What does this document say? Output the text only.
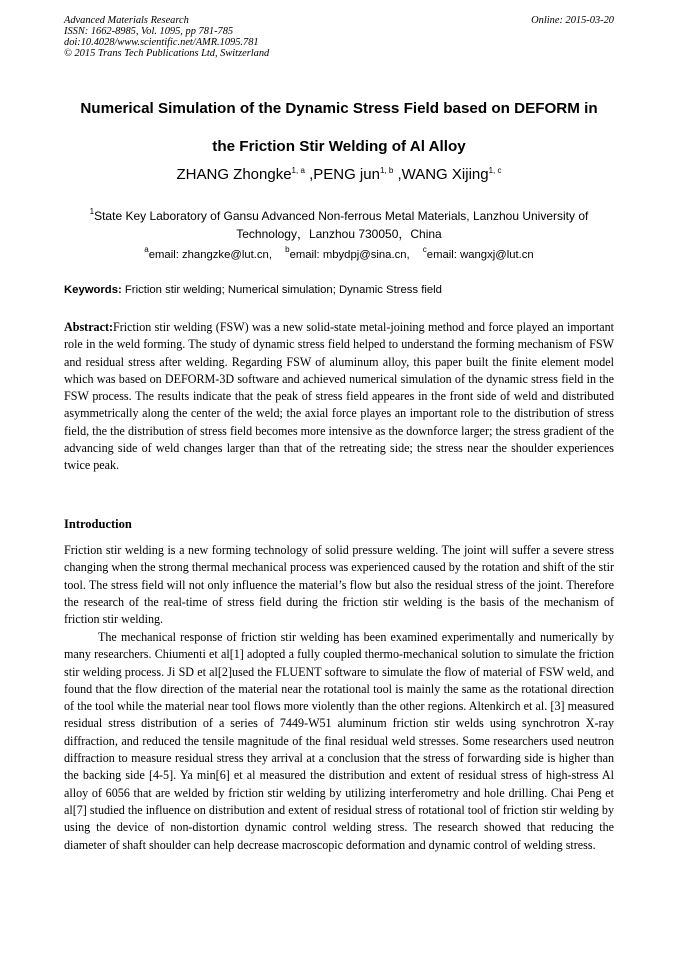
Advanced Materials Research
ISSN: 1662-8985, Vol. 1095, pp 781-785
doi:10.4028/www.scientific.net/AMR.1095.781
© 2015 Trans Tech Publications Ltd, Switzerland
Online: 2015-03-20
Numerical Simulation of the Dynamic Stress Field based on DEFORM in
the Friction Stir Welding of Al Alloy
ZHANG Zhongke$^{1, a}$ ,PENG jun$^{1, b}$ ,WANG Xijing$^{1, c}$
$^1$State Key Laboratory of Gansu Advanced Non-ferrous Metal Materials, Lanzhou University of Technology，Lanzhou 730050，China
$^a$email: zhangzke@lut.cn, $^b$email: mbydpj@sina.cn, $^c$email: wangxj@lut.cn
Keywords: Friction stir welding; Numerical simulation; Dynamic Stress field
Abstract:Friction stir welding (FSW) was a new solid-state metal-joining method and force played an important role in the weld forming. The study of dynamic stress field helped to understand the forming mechanism of FSW and residual stress after welding. Regarding FSW of aluminum alloy, this paper built the finite element model which was based on DEFORM-3D software and achieved numerical simulation of the dynamic stress field in the FSW process. The results indicate that the peak of stress field appeares in the front side of weld and distributed asymmetrically along the center of the weld; the axial force playes an important role to the distribution of stress field, the the distribution of stress field becomes more intensive as the downforce larger; the stress gradient of the advancing side of weld changes larger than that of the retreating side; the stress near the shoulder experiences twice peak.
Introduction
Friction stir welding is a new forming technology of solid pressure welding. The joint will suffer a severe stress changing when the strong thermal mechanical process was experienced caused by the rotation and shift of the stir tool. The stress field will not only influence the material’s flow but also the residual stress of the joint. Therefore the research of the real-time of stress field during the friction stir welding is the basis of the mechanism of friction stir welding.
The mechanical response of friction stir welding has been examined experimentally and numerically by many researchers. Chiumenti et al[1] adopted a fully coupled thermo-mechanical solution to simulate the friction stir welding process. Ji SD et al[2]used the FLUENT software to simulate the flow of material of FSW weld, and found that the flow direction of the material near the rotational tool is mainly the same as the rotational direction of the tool while the material near tool flows more violently than the other regions. Altenkirch et al. [3] measured residual stress distribution of a series of 7449-W51 aluminum friction stir welds using synchrotron X-ray diffraction, and reduced the tensile magnitude of the final residual weld stresses. Some researchers used neutron diffraction to measure residual stress they arrival at a conclusion that the stress of forwarding side is higher than the backing side [4-5]. Ya min[6] et al measured the distribution and extent of residual stress of high-stress Al alloy of 6056 that are welded by friction stir welding by utilizing interferometry and hole drilling. Chai Peng et al[7] studied the influence on distribution and extent of residual stress of rotational tool of friction stir welding by using the device of non-distortion dynamic control welding stress. The research showed that reducing the diameter of shaft shoulder can help decrease macroscopic deformation and dynamic control of welding stress.
